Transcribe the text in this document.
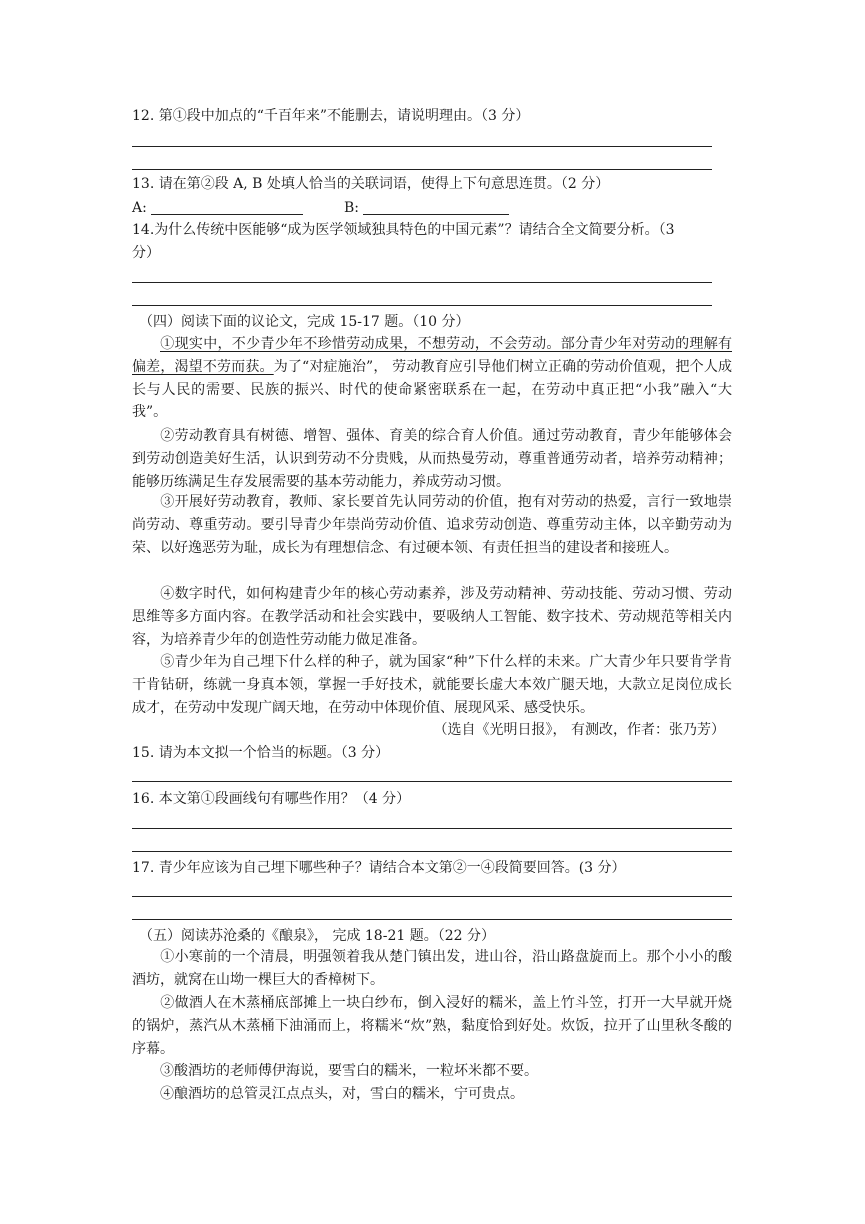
12. 第①段中加点的“千百年来”不能删去，请说明理由。（3 分）
13. 请在第②段 A, B 处填人恰当的关联词语，使得上下句意思连贯。（2 分）
A:	B:
14.为什么传统中医能够“成为医学领域独具特色的中国元素”？请结合全文简要分析。（3
分）
（四）阅读下面的议论文，完成 15-17 题。（10 分）
①现实中，不少青少年不珍惜劳动成果，不想劳动，不会劳动。部分青少年对劳动的理解有偏差，渴望不劳而获。为了“对症施治”， 劳动教育应引导他们树立正确的劳动价值观，把个人成长与人民的需要、民族的振兴、时代的使命紧密联系在一起，在劳动中真正把“小我”融入“大我”。
②劳动教育具有树德、增智、强体、育美的综合育人价值。通过劳动教育，青少年能够体会到劳动创造美好生活，认识到劳动不分贵贱，从而热曼劳动，尊重普通劳动者，培养劳动精神；能够历练满足生存发展需要的基本劳动能力，养成劳动习惯。
③开展好劳动教育，教师、家长要首先认同劳动的价值，抱有对劳动的热爱，言行一致地崇尚劳动、尊重劳动。要引导青少年崇尚劳动价值、追求劳动创造、尊重劳动主体，以辛勤劳动为荣、以好逸恶劳为耻，成长为有理想信念、有过硬本领、有责任担当的建设者和接班人。
④数字时代，如何构建青少年的核心劳动素养，涉及劳动精神、劳动技能、劳动习惯、劳动思维等多方面内容。在教学活动和社会实践中，要吸纳人工智能、数字技术、劳动规范等相关内容，为培养青少年的创造性劳动能力做足准备。
⑤青少年为自己埋下什么样的种子，就为国家“种”下什么样的未来。广大青少年只要肯学肯干肯钻研，练就一身真本领，掌握一手好技术，就能要长虚大本效广腿天地，大款立足岗位成长成才，在劳动中发现广阔天地，在劳动中体现价值、展现风采、感受快乐。
（选自《光明日报》， 有测改，作者：张乃芳）
15. 请为本文拟一个恰当的标题。（3 分）
16. 本文第①段画线句有哪些作用？（4 分）
17. 青少年应该为自己埋下哪些种子？请结合本文第②一④段简要回答。(3 分）
（五）阅读苏沧桑的《酿泉》， 完成 18-21 题。（22 分）
①小寒前的一个清晨，明强领着我从楚门镇出发，进山谷，沿山路盘旋而上。那个小小的酸酒坊，就窝在山坳一棵巨大的香樟树下。
②做酒人在木蒸桶底部摊上一块白纱布，倒入浸好的糯米，盖上竹斗笠，打开一大早就开烧的锅炉，蒸汽从木蒸桶下油涌而上，将糯米“炊”熟，黏度恰到好处。炊饭，拉开了山里秋冬酸的序幕。
③酸酒坊的老师傅伊海说，要雪白的糯米，一粒坏米都不要。
④酿酒坊的总管灵江点点头，对，雪白的糯米，宁可贵点。
